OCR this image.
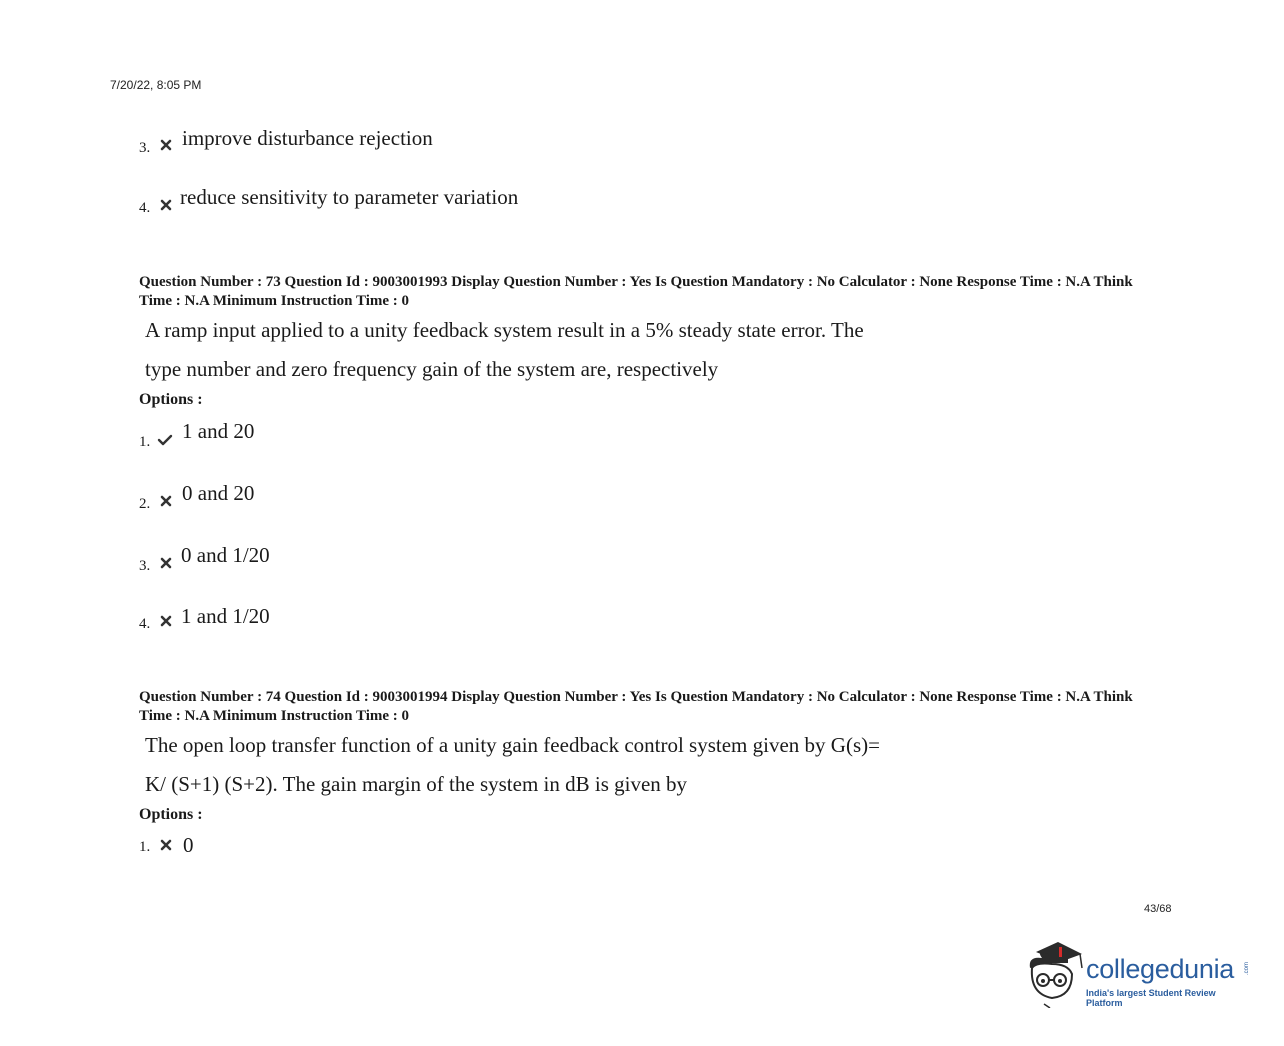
7/20/22, 8:05 PM
3. improve disturbance rejection
4. reduce sensitivity to parameter variation
Question Number : 73 Question Id : 9003001993 Display Question Number : Yes Is Question Mandatory : No Calculator : None Response Time : N.A Think Time : N.A Minimum Instruction Time : 0
A ramp input applied to a unity feedback system result in a 5% steady state error. The
type number and zero frequency gain of the system are, respectively
Options :
1. 1 and 20
2. 0 and 20
3. 0 and 1/20
4. 1 and 1/20
Question Number : 74 Question Id : 9003001994 Display Question Number : Yes Is Question Mandatory : No Calculator : None Response Time : N.A Think Time : N.A Minimum Instruction Time : 0
The open loop transfer function of a unity gain feedback control system given by G(s)=
K/ (S+1) (S+2). The gain margin of the system in dB is given by
Options :
1. 0
43/68
collegedunia .com
India's largest Student Review Platform
